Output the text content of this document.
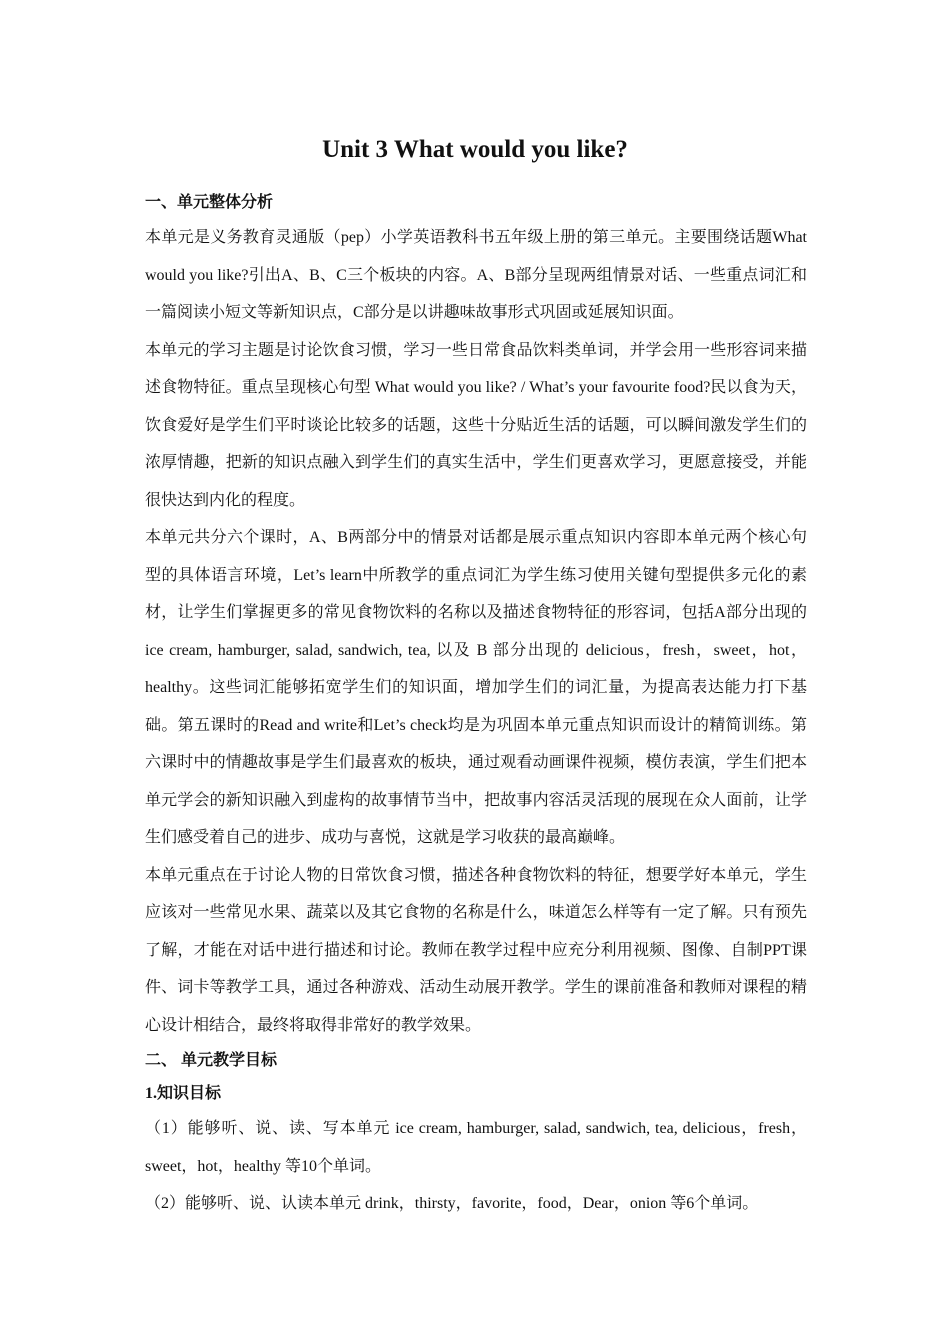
Unit 3 What would you like?

一、单元整体分析

本单元是义务教育灵通版（pep）小学英语教科书五年级上册的第三单元。主要围绕话题What would you like?引出A、B、C三个板块的内容。A、B部分呈现两组情景对话、一些重点词汇和一篇阅读小短文等新知识点，C部分是以讲趣味故事形式巩固或延展知识面。

本单元的学习主题是讨论饮食习惯，学习一些日常食品饮料类单词，并学会用一些形容词来描述食物特征。重点呈现核心句型 What would you like? / What’s your favourite food?民以食为天，饮食爱好是学生们平时谈论比较多的话题，这些十分贴近生活的话题，可以瞬间激发学生们的浓厚情趣，把新的知识点融入到学生们的真实生活中，学生们更喜欢学习，更愿意接受，并能很快达到内化的程度。

本单元共分六个课时，A、B两部分中的情景对话都是展示重点知识内容即本单元两个核心句型的具体语言环境，Let’s learn中所教学的重点词汇为学生练习使用关键句型提供多元化的素材，让学生们掌握更多的常见食物饮料的名称以及描述食物特征的形容词，包括A部分出现的 ice cream, hamburger, salad, sandwich, tea, 以及 B 部分出现的 delicious，fresh，sweet，hot，healthy。这些词汇能够拓宽学生们的知识面，增加学生们的词汇量，为提高表达能力打下基础。第五课时的Read and write和Let’s check均是为巩固本单元重点知识而设计的精简训练。第六课时中的情趣故事是学生们最喜欢的板块，通过观看动画课件视频，模仿表演，学生们把本单元学会的新知识融入到虚构的故事情节当中，把故事内容活灵活现的展现在众人面前，让学生们感受着自己的进步、成功与喜悦，这就是学习收获的最高巅峰。

本单元重点在于讨论人物的日常饮食习惯，描述各种食物饮料的特征，想要学好本单元，学生应该对一些常见水果、蔬菜以及其它食物的名称是什么，味道怎么样等有一定了解。只有预先了解，才能在对话中进行描述和讨论。教师在教学过程中应充分利用视频、图像、自制PPT课件、词卡等教学工具，通过各种游戏、活动生动展开教学。学生的课前准备和教师对课程的精心设计相结合，最终将取得非常好的教学效果。

二、 单元教学目标

1.知识目标

（1）能够听、说、读、写本单元 ice cream, hamburger, salad, sandwich, tea, delicious，fresh，sweet，hot，healthy 等10个单词。

（2）能够听、说、认读本单元 drink，thirsty，favorite，food，Dear，onion 等6个单词。
